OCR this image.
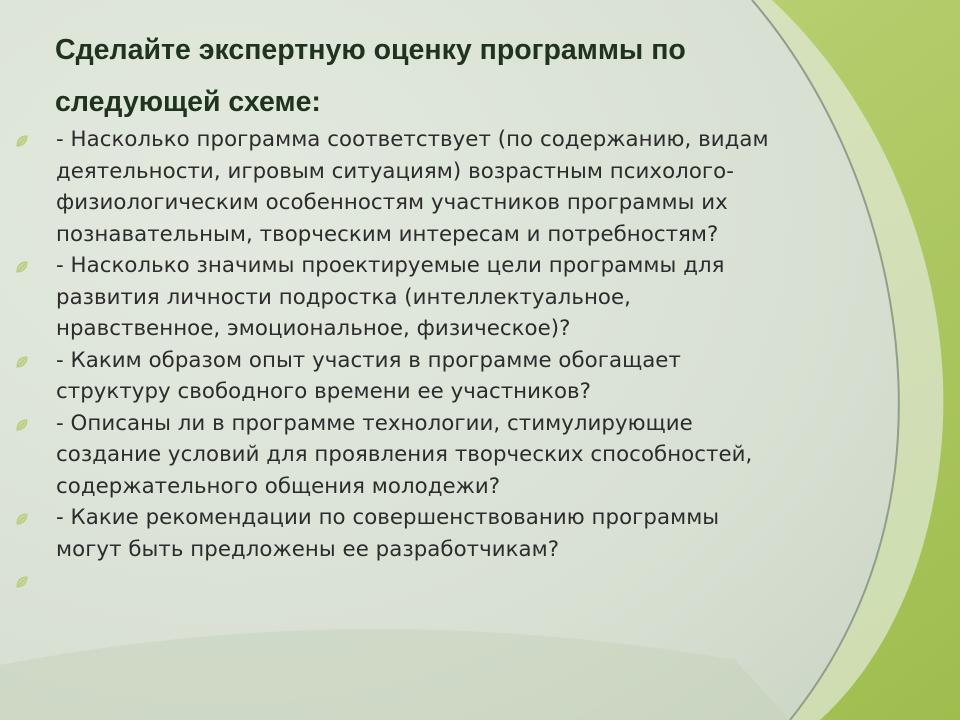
Сделайте экспертную оценку программы по
следующей схеме:
- Насколько программа соответствует (по содержанию, видам
деятельности, игровым ситуациям) возрастным психолого-
физиологическим особенностям участников программы их
познавательным, творческим интересам и потребностям?
- Насколько значимы проектируемые цели программы для
развития личности подростка (интеллектуальное,
нравственное, эмоциональное, физическое)?
- Каким образом опыт участия в программе обогащает
структуру свободного времени ее участников?
- Описаны ли в программе технологии, стимулирующие
создание условий для проявления творческих способностей,
содержательного общения молодежи?
- Какие рекомендации по совершенствованию программы
могут быть предложены ее разработчикам?
